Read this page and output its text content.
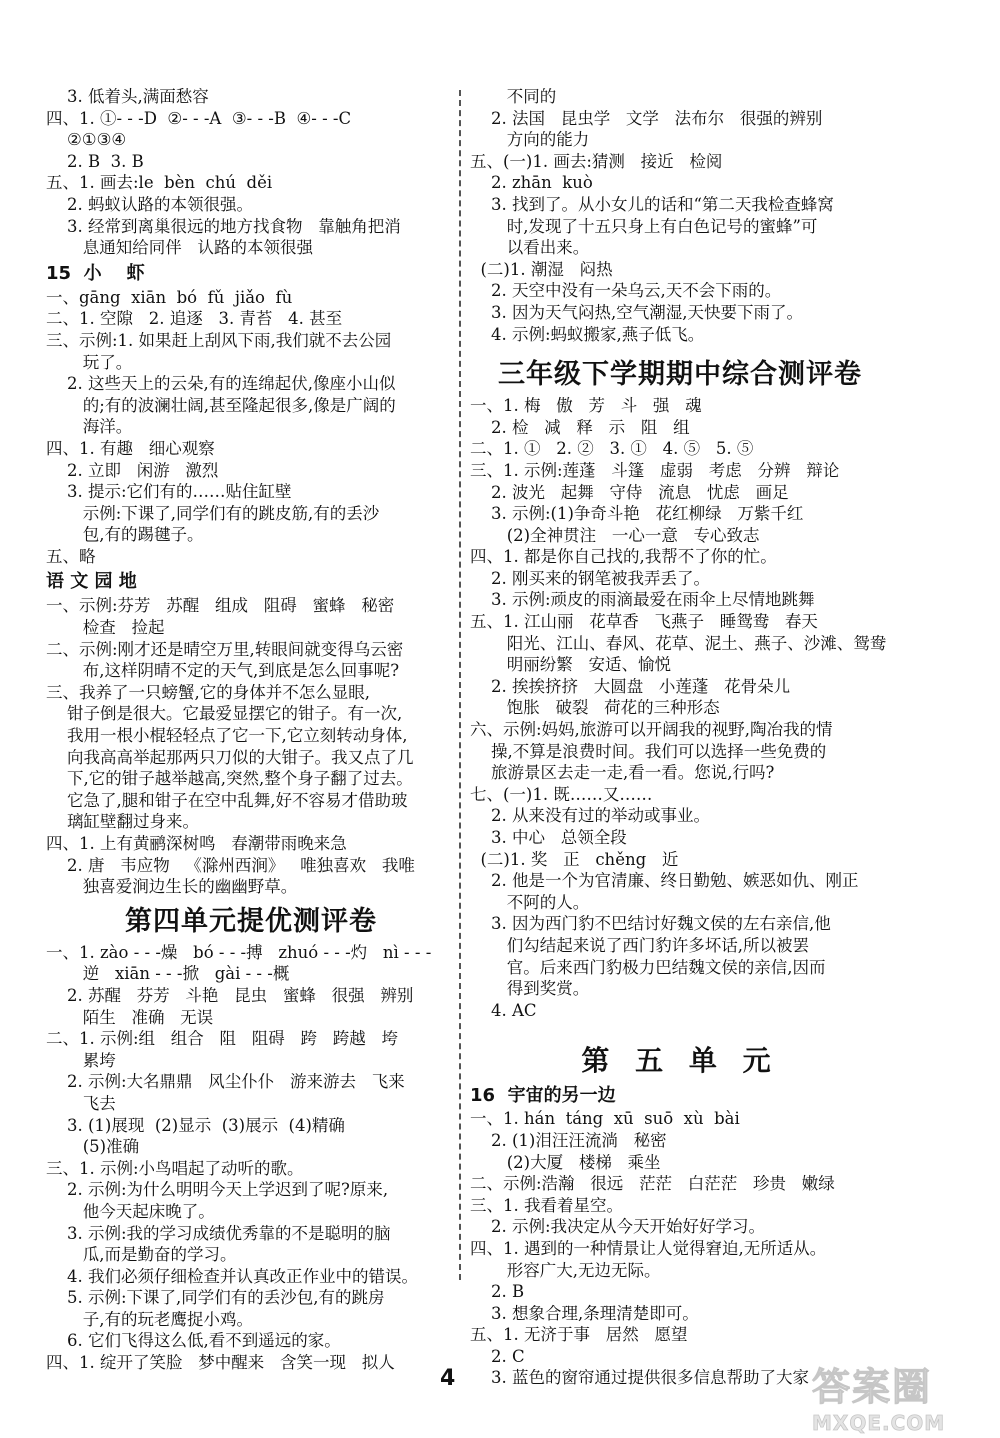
3. 低着头,满面愁容
四、1. ①- - -D  ②- - -A  ③- - -B  ④- - -C
②①③④
2. B  3. B
五、1. 画去:le  bèn  chú  děi
2. 蚂蚁认路的本领很强。
3. 经常到离巢很远的地方找食物   靠触角把消
息通知给同伴   认路的本领很强
15  小    虾
一、gāng  xiān  bó  fǔ  jiǎo  fù
二、1. 空隙   2. 追逐   3. 青苔   4. 甚至
三、示例:1. 如果赶上刮风下雨,我们就不去公园
玩了。
2. 这些天上的云朵,有的连绵起伏,像座小山似
的;有的波澜壮阔,甚至隆起很多,像是广阔的
海洋。
四、1. 有趣   细心观察
2. 立即   闲游   激烈
3. 提示:它们有的……贴住缸壁
示例:下课了,同学们有的跳皮筋,有的丢沙
包,有的踢毽子。
五、略
语 文 园 地
一、示例:芬芳   苏醒   组成   阻碍   蜜蜂   秘密
检查   捡起
二、示例:刚才还是晴空万里,转眼间就变得乌云密
布,这样阴晴不定的天气,到底是怎么回事呢?
三、我养了一只螃蟹,它的身体并不怎么显眼,
钳子倒是很大。它最爱显摆它的钳子。有一次,
我用一根小棍轻轻点了它一下,它立刻转动身体,
向我高高举起那两只刀似的大钳子。我又点了几
下,它的钳子越举越高,突然,整个身子翻了过去。
它急了,腿和钳子在空中乱舞,好不容易才借助玻
璃缸壁翻过身来。
四、1. 上有黄鹂深树鸣   春潮带雨晚来急
2. 唐   韦应物   《滁州西涧》   唯独喜欢   我唯
独喜爱涧边生长的幽幽野草。
第四单元提优测评卷
一、1. zào - - -燥   bó - - -搏   zhuó - - -灼   nì - - -
逆   xiān - - -掀   gài - - -概
2. 苏醒   芬芳   斗艳   昆虫   蜜蜂   很强   辨别
陌生   准确   无误
二、1. 示例:组   组合   阻   阻碍   跨   跨越   垮
累垮
2. 示例:大名鼎鼎   风尘仆仆   游来游去   飞来
飞去
3. (1)展现  (2)显示  (3)展示  (4)精确
(5)准确
三、1. 示例:小鸟唱起了动听的歌。
2. 示例:为什么明明今天上学迟到了呢?原来,
他今天起床晚了。
3. 示例:我的学习成绩优秀靠的不是聪明的脑
瓜,而是勤奋的学习。
4. 我们必须仔细检查并认真改正作业中的错误。
5. 示例:下课了,同学们有的丢沙包,有的跳房
子,有的玩老鹰捉小鸡。
6. 它们飞得这么低,看不到遥远的家。
四、1. 绽开了笑脸   梦中醒来   含笑一现   拟人
不同的
2. 法国   昆虫学   文学   法布尔   很强的辨别
方向的能力
五、(一)1. 画去:猜测   接近   检阅
2. zhān  kuò
3. 找到了。从小女儿的话和“第二天我检查蜂窝
时,发现了十五只身上有白色记号的蜜蜂”可
以看出来。
(二)1. 潮湿   闷热
2. 天空中没有一朵乌云,天不会下雨的。
3. 因为天气闷热,空气潮湿,天快要下雨了。
4. 示例:蚂蚁搬家,燕子低飞。
三年级下学期期中综合测评卷
一、1. 梅   傲   芳   斗   强   魂
2. 检   减   释   示   阻   组
二、1. ①   2. ②   3. ①   4. ⑤   5. ⑤
三、1. 示例:莲蓬   斗篷   虚弱   考虑   分辨   辩论
2. 波光   起舞   守侍   流息   忧虑   画足
3. 示例:(1)争奇斗艳   花红柳绿   万紫千红
(2)全神贯注   一心一意   专心致志
四、1. 都是你自己找的,我帮不了你的忙。
2. 刚买来的钢笔被我弄丢了。
3. 示例:顽皮的雨滴最爱在雨伞上尽情地跳舞
五、1. 江山丽   花草香   飞燕子   睡鸳鸯   春天
阳光、江山、春风、花草、泥土、燕子、沙滩、鸳鸯
明丽纷繁   安适、愉悦
2. 挨挨挤挤   大圆盘   小莲蓬   花骨朵儿
饱胀   破裂   荷花的三种形态
六、示例:妈妈,旅游可以开阔我的视野,陶冶我的情
操,不算是浪费时间。我们可以选择一些免费的
旅游景区去走一走,看一看。您说,行吗?
七、(一)1. 既……又……
2. 从来没有过的举动或事业。
3. 中心   总领全段
(二)1. 奖   正   chěng   近
2. 他是一个为官清廉、终日勤勉、嫉恶如仇、刚正
不阿的人。
3. 因为西门豹不巴结讨好魏文侯的左右亲信,他
们勾结起来说了西门豹许多坏话,所以被罢
官。后来西门豹极力巴结魏文侯的亲信,因而
得到奖赏。
4. AC
第 五 单 元
16  宇宙的另一边
一、1. hán  táng  xū  suō  xù  bài
2. (1)泪汪汪流淌   秘密
(2)大厦   楼梯   乘坐
二、示例:浩瀚   很远   茫茫   白茫茫   珍贵   嫩绿
三、1. 我看着星空。
2. 示例:我决定从今天开始好好学习。
四、1. 遇到的一种情景让人觉得窘迫,无所适从。
形容广大,无边无际。
2. B
3. 想象合理,条理清楚即可。
五、1. 无济于事   居然   愿望
2. C
3. 蓝色的窗帘通过提供很多信息帮助了大家
4	答案圈
MXQE.COM
